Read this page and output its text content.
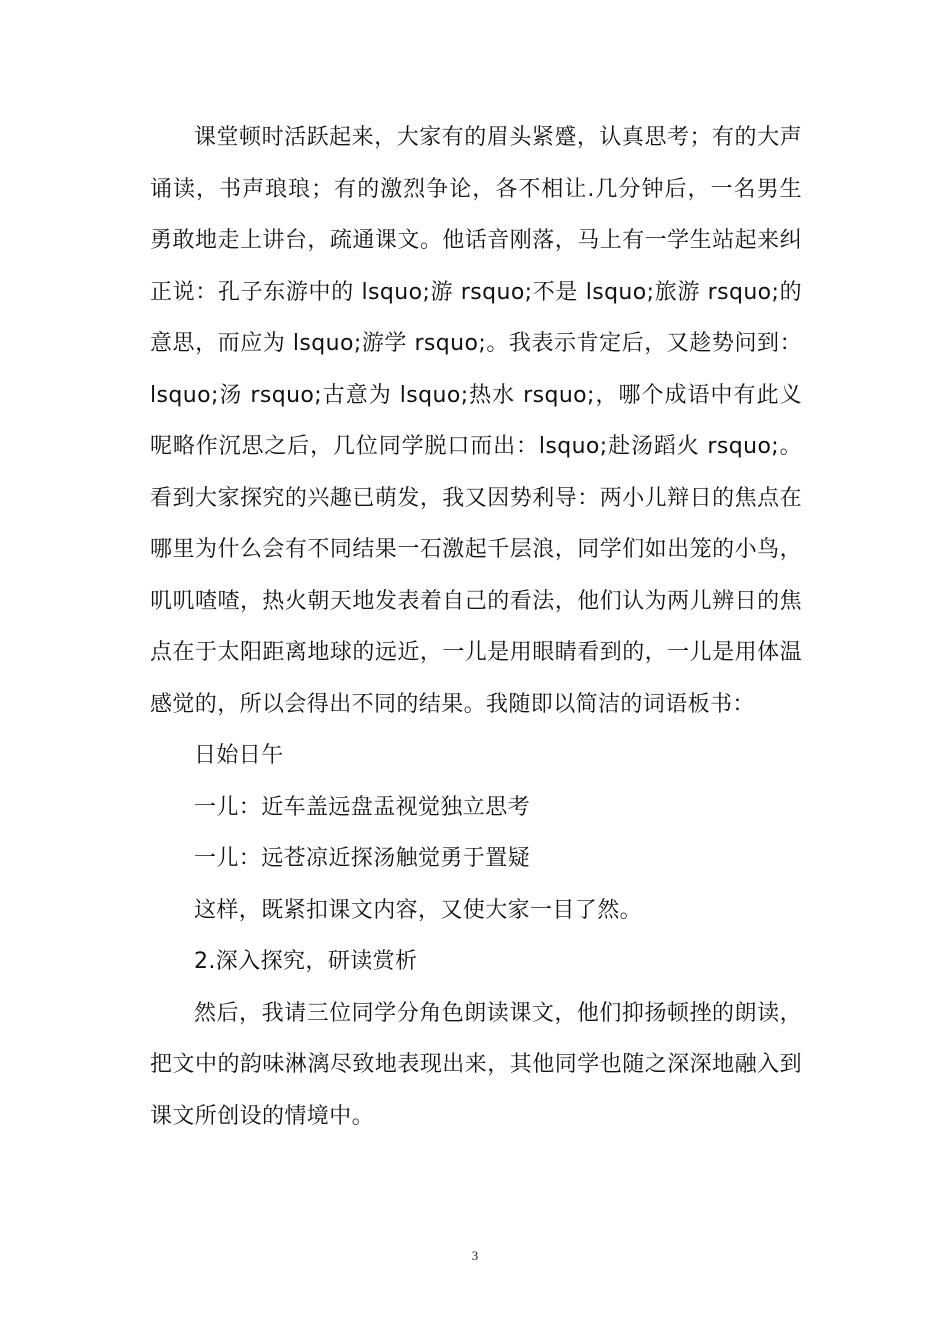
课堂顿时活跃起来，大家有的眉头紧蹙，认真思考；有的大声诵读，书声琅琅；有的激烈争论，各不相让.几分钟后，一名男生勇敢地走上讲台，疏通课文。他话音刚落，马上有一学生站起来纠正说：孔子东游中的 lsquo;游 rsquo;不是 lsquo;旅游 rsquo;的意思，而应为 lsquo;游学 rsquo;。我表示肯定后，又趁势问到：lsquo;汤 rsquo;古意为 lsquo;热水 rsquo;，哪个成语中有此义呢略作沉思之后，几位同学脱口而出：lsquo;赴汤蹈火 rsquo;。看到大家探究的兴趣已萌发，我又因势利导：两小儿辩日的焦点在哪里为什么会有不同结果一石激起千层浪，同学们如出笼的小鸟，叽叽喳喳，热火朝天地发表着自己的看法，他们认为两儿辨日的焦点在于太阳距离地球的远近，一儿是用眼睛看到的，一儿是用体温感觉的，所以会得出不同的结果。我随即以简洁的词语板书：

日始日午

一儿：近车盖远盘盂视觉独立思考

一儿：远苍凉近探汤触觉勇于置疑

这样，既紧扣课文内容，又使大家一目了然。

2.深入探究，研读赏析

然后，我请三位同学分角色朗读课文，他们抑扬顿挫的朗读，把文中的韵味淋漓尽致地表现出来，其他同学也随之深深地融入到课文所创设的情境中。

3
